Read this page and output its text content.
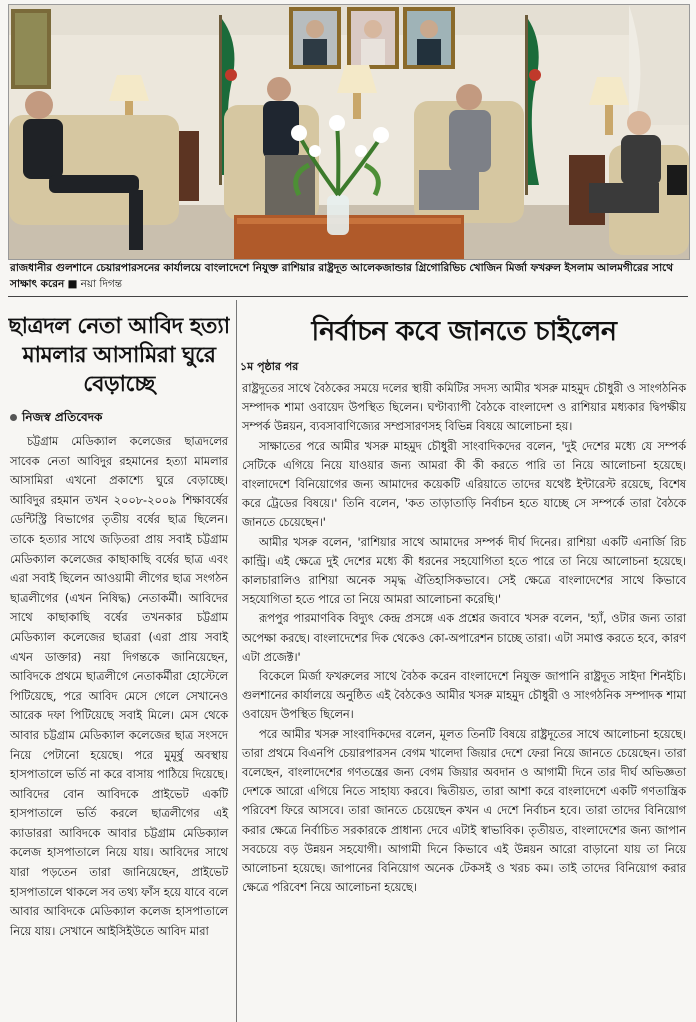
রাজধানীর গুলশানে চেয়ারপারসনের কার্যালয়ে বাংলাদেশে নিযুক্ত রাশিয়ার রাষ্ট্রদূত আলেকজান্ডার গ্রিগোরিভিচ খোজিন মির্জা ফখরুল ইসলাম আলমগীরের সাথে সাক্ষাৎ করেন ■ নয়া দিগন্ত
ছাত্রদল নেতা আবিদ হত্যা মামলার আসামিরা ঘুরে বেড়াচ্ছে
নিজস্ব প্রতিবেদক

চট্টগ্রাম মেডিক্যাল কলেজের ছাত্রদলের সাবেক নেতা আবিদুর রহমানের হত্যা মামলার আসামিরা এখনো প্রকাশ্যে ঘুরে বেড়াচ্ছে। আবিদুর রহমান তখন ২০০৮-২০০৯ শিক্ষাবর্ষের ডেন্টিস্ট্রি বিভাগের তৃতীয় বর্ষের ছাত্র ছিলেন। তাকে হত্যার সাথে জড়িতরা প্রায় সবাই চট্টগ্রাম মেডিক্যাল কলেজের কাছাকাছি বর্ষের ছাত্র এবং এরা সবাই ছিলেন আওয়ামী লীগের ছাত্র সংগঠন ছাত্রলীগের (এখন নিষিদ্ধ) নেতাকর্মী। আবিদের সাথে কাছাকাছি বর্ষের তখনকার চট্টগ্রাম মেডিক্যাল কলেজের ছাত্ররা (এরা প্রায় সবাই এখন ডাক্তার) নয়া দিগন্তকে জানিয়েছেন, আবিদকে প্রথমে ছাত্রলীগে নেতাকর্মীরা হোস্টেলে পিটিয়েছে, পরে আবিদ মেসে গেলে সেখানেও আরেক দফা পিটিয়েছে সবাই মিলে। মেস থেকে আবার চট্টগ্রাম মেডিক্যাল কলেজের ছাত্র সংসদে নিয়ে পেটানো হয়েছে। পরে মুমূর্ষু অবস্থায় হাসপাতালে ভর্তি না করে বাসায় পাঠিয়ে দিয়েছে। আবিদের বোন আবিদকে প্রাইভেট একটি হাসপাতালে ভর্তি করলে ছাত্রলীগের এই ক্যাডাররা আবিদকে আবার চট্টগ্রাম মেডিক্যাল কলেজ হাসপাতালে নিয়ে যায়। আবিদের সাথে যারা পড়তেন তারা জানিয়েছেন, প্রাইভেট হাসপাতালে থাকলে সব তথ্য ফাঁস হয়ে যাবে বলে আবার আবিদকে মেডিক্যাল কলেজ হাসপাতালে নিয়ে যায়। সেখানে আইসিইউতে আবিদ মারা

নির্বাচন কবে জানতে চাইলেন
১ম পৃষ্ঠার পর

রাষ্ট্রদূতের সাথে বৈঠকের সময়ে দলের স্থায়ী কমিটির সদস্য আমীর খসরু মাহমুদ চৌধুরী ও সাংগঠনিক সম্পাদক শামা ওবায়েদ উপস্থিত ছিলেন। ঘণ্টাব্যাপী বৈঠকে বাংলাদেশ ও রাশিয়ার মধ্যকার দ্বিপক্ষীয় সম্পর্ক উন্নয়ন, ব্যবসাবাণিজ্যের সম্প্রসারণসহ বিভিন্ন বিষয়ে আলোচনা হয়।

সাক্ষাতের পরে আমীর খসরু মাহমুদ চৌধুরী সাংবাদিকদের বলেন, 'দুই দেশের মধ্যে যে সম্পর্ক সেটিকে এগিয়ে নিয়ে যাওয়ার জন্য আমরা কী কী করতে পারি তা নিয়ে আলোচনা হয়েছে। বাংলাদেশে বিনিয়োগের জন্য আমাদের কয়েকটি এরিয়াতে তাদের যথেষ্ট ইন্টারেস্ট রয়েছে, বিশেষ করে ট্রেডের বিষয়ে।' তিনি বলেন, 'কত তাড়াতাড়ি নির্বাচন হতে যাচ্ছে সে সম্পর্কে তারা বৈঠকে জানতে চেয়েছেন।'

আমীর খসরু বলেন, 'রাশিয়ার সাথে আমাদের সম্পর্ক দীর্ঘ দিনের। রাশিয়া একটি এনার্জি রিচ কান্ট্রি। এই ক্ষেত্রে দুই দেশের মধ্যে কী ধরনের সহযোগিতা হতে পারে তা নিয়ে আলোচনা হয়েছে। কালচারালিও রাশিয়া অনেক সমৃদ্ধ ঐতিহাসিকভাবে। সেই ক্ষেত্রে বাংলাদেশের সাথে কিভাবে সহযোগিতা হতে পারে তা নিয়ে আমরা আলোচনা করেছি।'

রূপপুর পারমাণবিক বিদ্যুৎ কেন্দ্র প্রসঙ্গে এক প্রশ্নের জবাবে খসরু বলেন, 'হ্যাঁ, ওটার জন্য তারা অপেক্ষা করছে। বাংলাদেশের দিক থেকেও কো-অপারেশন চাচ্ছে তারা। এটা সমাপ্ত করতে হবে, কারণ এটা প্রজেক্ট।'

বিকেলে মির্জা ফখরুলের সাথে বৈঠক করেন বাংলাদেশে নিযুক্ত জাপানি রাষ্ট্রদূত সাইদা শিনইচি। গুলশানের কার্যালয়ে অনুষ্ঠিত এই বৈঠকেও আমীর খসরু মাহমুদ চৌধুরী ও সাংগঠনিক সম্পাদক শামা ওবায়েদ উপস্থিত ছিলেন।

পরে আমীর খসরু সাংবাদিকদের বলেন, মূলত তিনটি বিষয়ে রাষ্ট্রদূতের সাথে আলোচনা হয়েছে। তারা প্রথমে বিএনপি চেয়ারপারসন বেগম খালেদা জিয়ার দেশে ফেরা নিয়ে জানতে চেয়েছেন। তারা বলেছেন, বাংলাদেশের গণতন্ত্রের জন্য বেগম জিয়ার অবদান ও আগামী দিনে তার দীর্ঘ অভিজ্ঞতা দেশকে আরো এগিয়ে নিতে সাহায্য করবে। দ্বিতীয়ত, তারা আশা করে বাংলাদেশে একটি গণতান্ত্রিক পরিবেশ ফিরে আসবে। তারা জানতে চেয়েছেন কখন এ দেশে নির্বাচন হবে। তারা তাদের বিনিয়োগ করার ক্ষেত্রে নির্বাচিত সরকারকে প্রাধান্য দেবে এটাই স্বাভাবিক। তৃতীয়ত, বাংলাদেশের জন্য জাপান সবচেয়ে বড় উন্নয়ন সহযোগী। আগামী দিনে কিভাবে এই উন্নয়ন আরো বাড়ানো যায় তা নিয়ে আলোচনা হয়েছে। জাপানের বিনিয়োগ অনেক টেকসই ও খরচ কম। তাই তাদের বিনিয়োগ করার ক্ষেত্রে পরিবেশ নিয়ে আলোচনা হয়েছে।
